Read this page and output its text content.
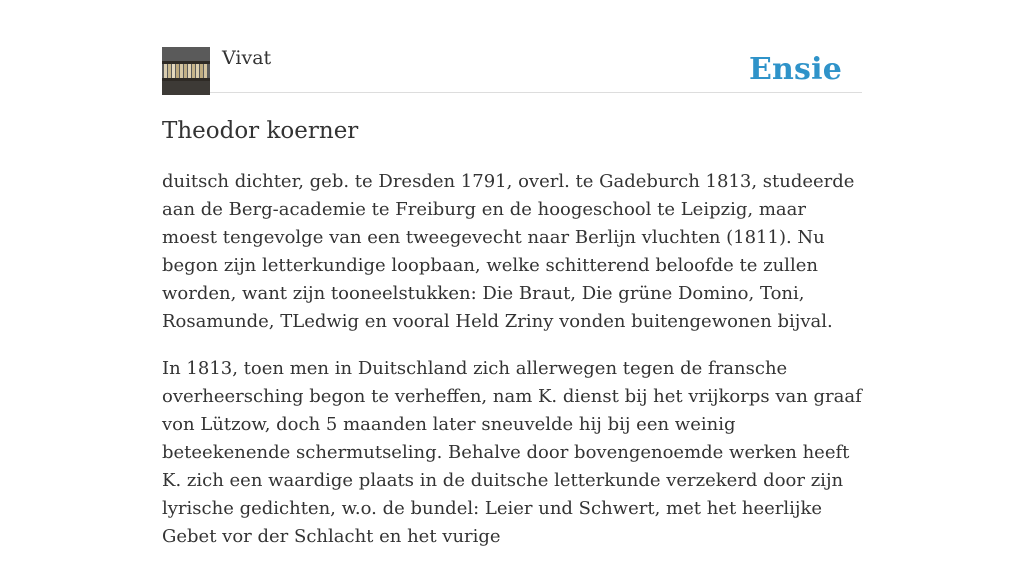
Vivat	Ensie
Theodor koerner

duitsch dichter, geb. te Dresden 1791, overl. te Gadeburch 1813, studeerde aan de Berg-academie te Freiburg en de hoogeschool te Leipzig, maar moest tengevolge van een tweegevecht naar Berlijn vluchten (1811). Nu begon zijn letterkundige loopbaan, welke schitterend beloofde te zullen worden, want zijn tooneelstukken: Die Braut, Die grüne Domino, Toni, Rosamunde, TLedwig en vooral Held Zriny vonden buitengewonen bijval.

In 1813, toen men in Duitschland zich allerwegen tegen de fransche overheersching begon te verheffen, nam K. dienst bij het vrijkorps van graaf von Lützow, doch 5 maanden later sneuvelde hij bij een weinig beteekenende schermutseling. Behalve door bovengenoemde werken heeft K. zich een waardige plaats in de duitsche letterkunde verzekerd door zijn lyrische gedichten, w.o. de bundel: Leier und Schwert, met het heerlijke Gebet vor der Schlacht en het vurige
